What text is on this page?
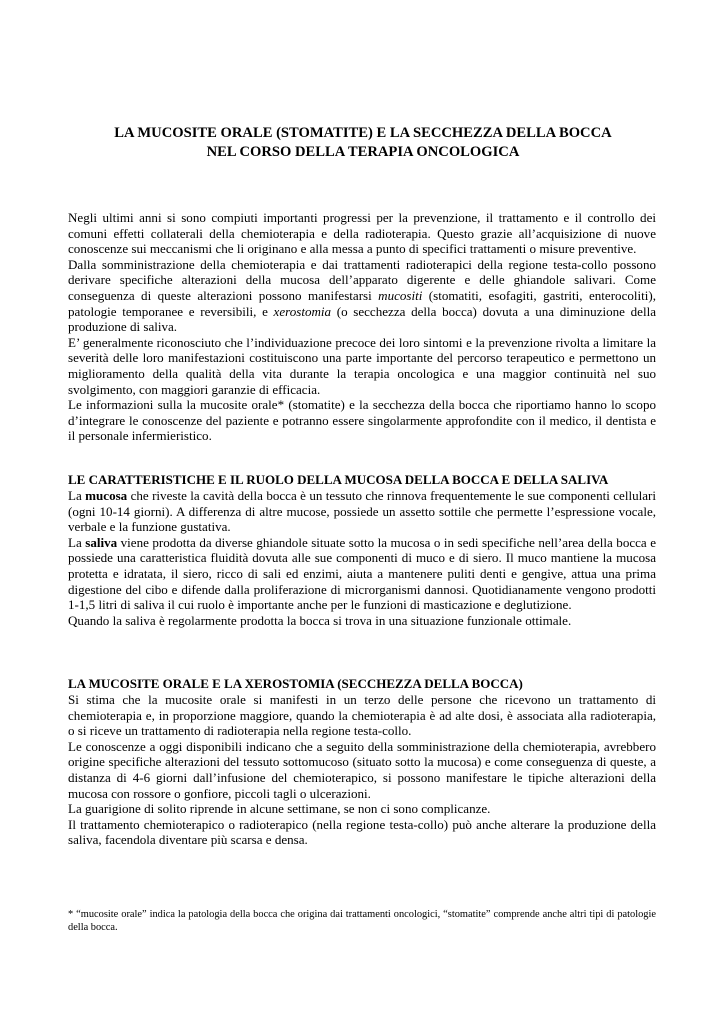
LA MUCOSITE ORALE (STOMATITE) E LA SECCHEZZA DELLA BOCCA
NEL CORSO DELLA TERAPIA ONCOLOGICA

Negli ultimi anni si sono compiuti importanti progressi per la prevenzione, il trattamento e il controllo dei comuni effetti collaterali della chemioterapia e della radioterapia. Questo grazie all’acquisizione di nuove conoscenze sui meccanismi che li originano e alla messa a punto di specifici trattamenti o misure preventive.

Dalla somministrazione della chemioterapia e dai trattamenti radioterapici della regione testa-collo possono derivare specifiche alterazioni della mucosa dell’apparato digerente e delle ghiandole salivari. Come conseguenza di queste alterazioni possono manifestarsi mucositi (stomatiti, esofagiti, gastriti, enterocoliti), patologie temporanee e reversibili, e xerostomia (o secchezza della bocca) dovuta a una diminuzione della produzione di saliva.

E’ generalmente riconosciuto che l’individuazione precoce dei loro sintomi e la prevenzione rivolta a limitare la severità delle loro manifestazioni costituiscono una parte importante del percorso terapeutico e permettono un miglioramento della qualità della vita durante la terapia oncologica e una maggior continuità nel suo svolgimento, con maggiori garanzie di efficacia.

Le informazioni sulla la mucosite orale* (stomatite) e la secchezza della bocca che riportiamo hanno lo scopo d’integrare le conoscenze del paziente e potranno essere singolarmente approfondite con il medico, il dentista e il personale infermieristico.

LE CARATTERISTICHE E IL RUOLO DELLA MUCOSA DELLA BOCCA E DELLA SALIVA

La mucosa che riveste la cavità della bocca è un tessuto che rinnova frequentemente le sue componenti cellulari (ogni 10-14 giorni). A differenza di altre mucose, possiede un assetto sottile che permette l’espressione vocale, verbale e la funzione gustativa.

La saliva viene prodotta da diverse ghiandole situate sotto la mucosa o in sedi specifiche nell’area della bocca e possiede una caratteristica fluidità dovuta alle sue componenti di muco e di siero. Il muco mantiene la mucosa protetta e idratata, il siero, ricco di sali ed enzimi, aiuta a mantenere puliti denti e gengive, attua una prima digestione del cibo e difende dalla proliferazione di microrganismi dannosi. Quotidianamente vengono prodotti 1-1,5 litri di saliva il cui ruolo è importante anche per le funzioni di masticazione e deglutizione.

Quando la saliva è regolarmente prodotta la bocca si trova in una situazione funzionale ottimale.

LA MUCOSITE ORALE E LA XEROSTOMIA (SECCHEZZA DELLA BOCCA)

Si stima che la mucosite orale si manifesti in un terzo delle persone che ricevono un trattamento di chemioterapia e, in proporzione maggiore, quando la chemioterapia è ad alte dosi, è associata alla radioterapia, o si riceve un trattamento di radioterapia nella regione testa-collo.

Le conoscenze a oggi disponibili indicano che a seguito della somministrazione della chemioterapia, avrebbero origine specifiche alterazioni del tessuto sottomucoso (situato sotto la mucosa) e come conseguenza di queste, a distanza di 4-6 giorni dall’infusione del chemioterapico, si possono manifestare le tipiche alterazioni della mucosa con rossore o gonfiore, piccoli tagli o ulcerazioni.

La guarigione di solito riprende in alcune settimane, se non ci sono complicanze.

Il trattamento chemioterapico o radioterapico (nella regione testa-collo) può anche alterare la produzione della saliva, facendola diventare più scarsa e densa.

* “mucosite orale” indica la patologia della bocca che origina dai trattamenti oncologici, “stomatite” comprende anche altri tipi di patologie della bocca.
